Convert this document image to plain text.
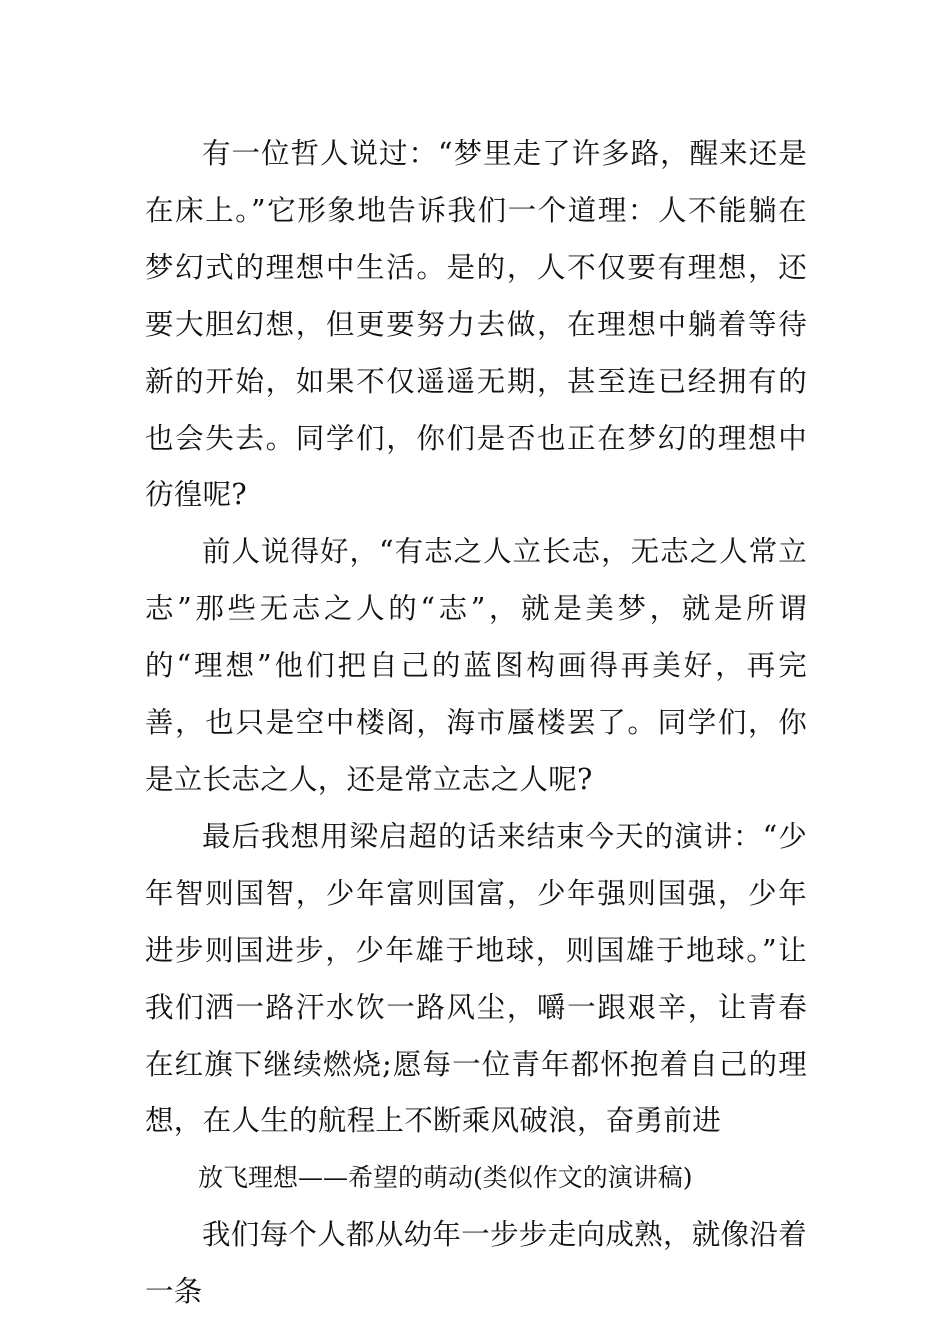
有一位哲人说过：“梦里走了许多路，醒来还是在床上。”它形象地告诉我们一个道理：人不能躺在梦幻式的理想中生活。是的，人不仅要有理想，还要大胆幻想，但更要努力去做，在理想中躺着等待新的开始，如果不仅遥遥无期，甚至连已经拥有的也会失去。同学们，你们是否也正在梦幻的理想中彷徨呢?

前人说得好，“有志之人立长志，无志之人常立志”那些无志之人的“志”，就是美梦，就是所谓的“理想”他们把自己的蓝图构画得再美好，再完善，也只是空中楼阁，海市蜃楼罢了。同学们，你是立长志之人，还是常立志之人呢?

最后我想用梁启超的话来结束今天的演讲：“少年智则国智，少年富则国富，少年强则国强，少年进步则国进步，少年雄于地球，则国雄于地球。”让我们洒一路汗水饮一路风尘，嚼一跟艰辛，让青春在红旗下继续燃烧;愿每一位青年都怀抱着自己的理想，在人生的航程上不断乘风破浪，奋勇前进

放飞理想——希望的萌动(类似作文的演讲稿)

我们每个人都从幼年一步步走向成熟，就像沿着一条
